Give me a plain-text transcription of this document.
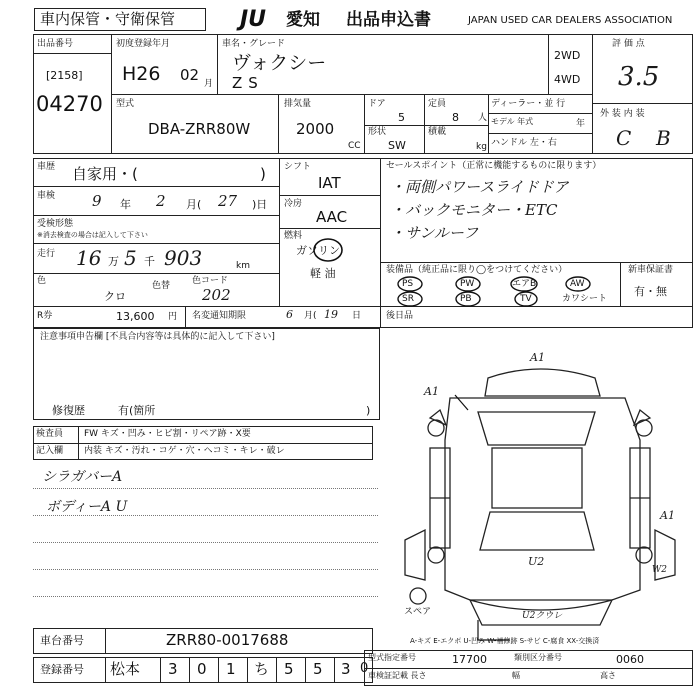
車内保管・守衛保管	JU 愛知 出品申込書	JAPAN USED CAR DEALERS ASSOCIATION
出品番号
[2158]
04270
初度登録年月
H26 02 月
車名・グレード
ヴォクシー
ZS
2WD
4WD
評 価 点
3.5
外 装 内 装
C B
型式
DBA-ZRR80W
排気量
2000
CC
ドア
5
形状
SW
定員
8 人
積載
kg
ディーラー・並 行
モデル 年式	年
ハンドル 左・右
車歴 自家用・(	)
車検 9 年 2 月( 27 )日
受検形態
※消去検査の場合は記入して下さい
走行 16 万 5 千 903	km
色
クロ
色替 色コード
202
シフト
IAT
冷房
AAC
燃料
ガソリン
軽 油
セールスポイント（正常に機能するものに限ります）
・両側パワースライドドア
・バックモニター・ETC
・サンルーフ
装備品（純正品に限り◯をつけてください）
PS	PW	エアB	AW
SR	PB	TV	カワシート
新車保証書
有・無
R券	13,600 円 名変通知期限	6 月( 19 日	後日品
注意事項申告欄 [不具合内容等は具体的に記入して下さい]
修復歴	有(箇所	)
検査員
記入欄
FW キズ・凹み・ヒビ割・リペア跡・X要
内装 キズ・汚れ・コゲ・穴・ヘコミ・キレ・破レ
シラガバーA
ボディーA U
A1
A1
A1
U2
W2
U2クウレ
スペア
A-キズ E-エクボ U-凹み W-補修跡 S-サビ C-腐食 XX-交換済
車台番号	ZRR80-0017688
登録番号 松本 3 0 1 ち 5 5 3 0
型式指定番号	17700	類別区分番号	0060
車検証記載 長さ	幅	高さ
